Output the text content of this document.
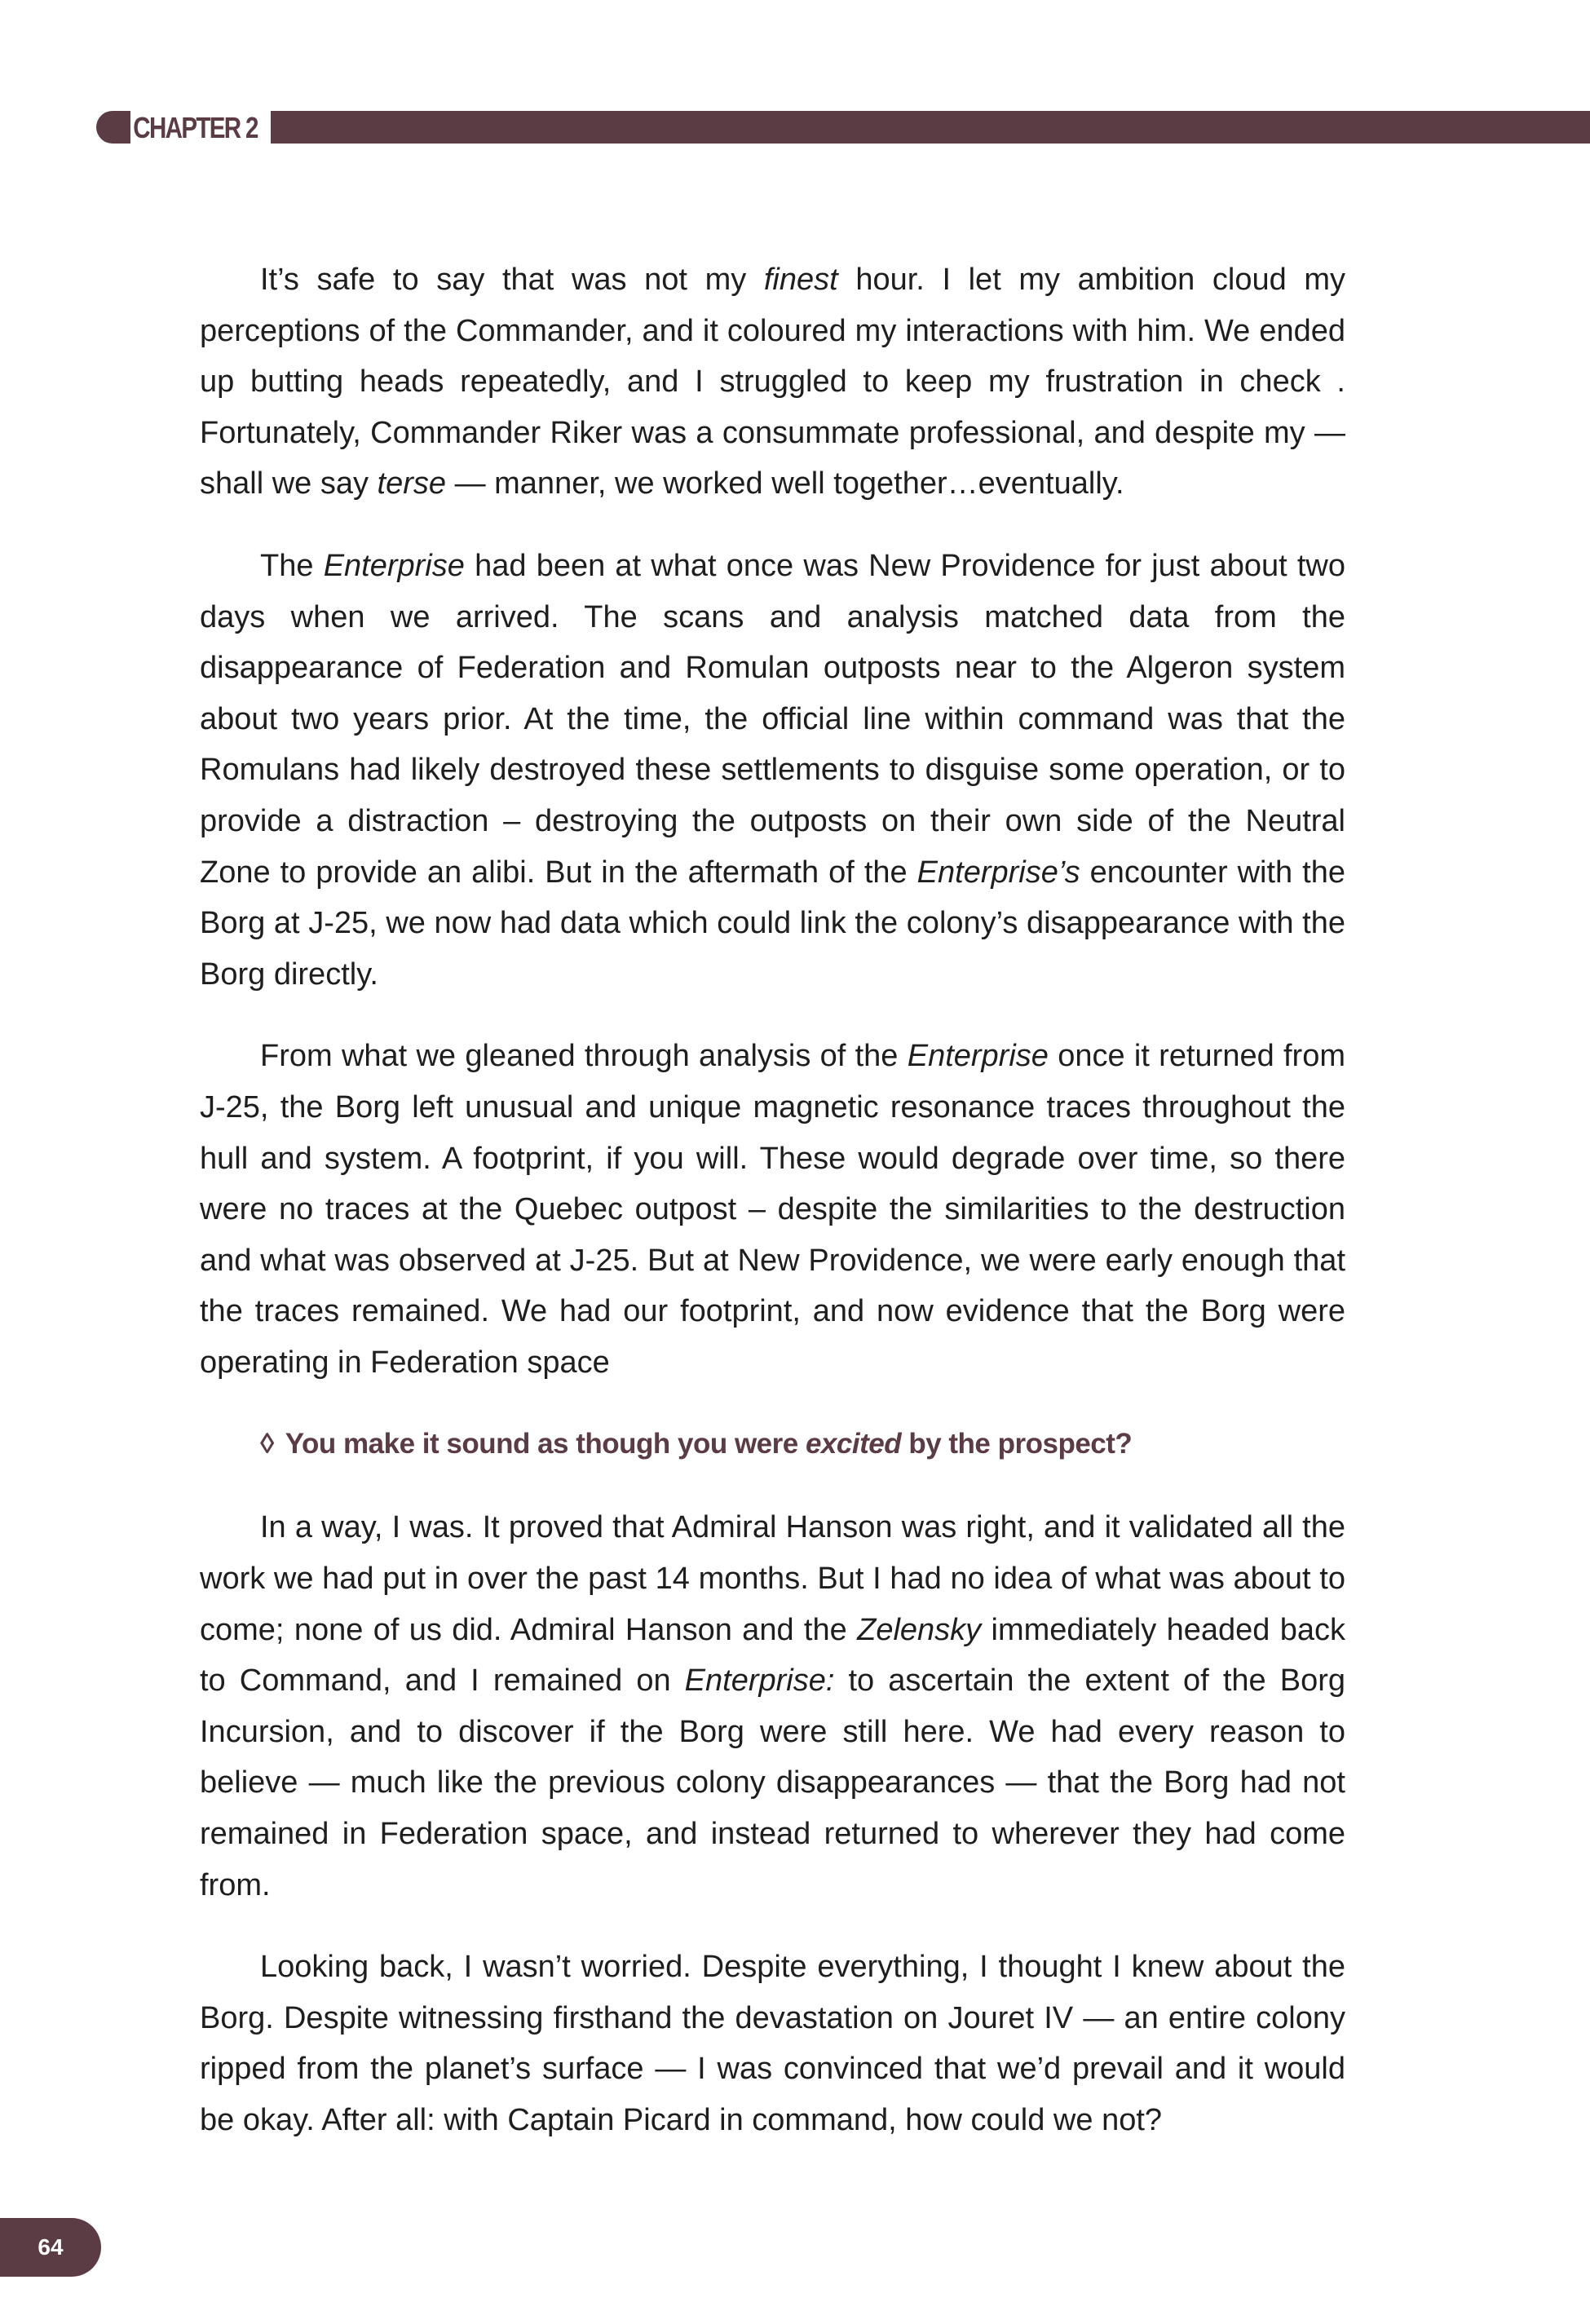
CHAPTER 2

It’s safe to say that was not my finest hour. I let my ambition cloud my perceptions of the Commander, and it coloured my interactions with him. We ended up butting heads repeatedly, and I struggled to keep my frustration in check . Fortunately, Commander Riker was a consummate professional, and despite my — shall we say terse — manner, we worked well together…eventually.

The Enterprise had been at what once was New Providence for just about two days when we arrived. The scans and analysis matched data from the disappearance of Federation and Romulan outposts near to the Algeron system about two years prior. At the time, the official line within command was that the Romulans had likely destroyed these settlements to disguise some operation, or to provide a distraction – destroying the outposts on their own side of the Neutral Zone to provide an alibi. But in the aftermath of the Enterprise’s encounter with the Borg at J-25, we now had data which could link the colony’s disappearance with the Borg directly.

From what we gleaned through analysis of the Enterprise once it returned from J-25, the Borg left unusual and unique magnetic resonance traces throughout the hull and system. A footprint, if you will. These would degrade over time, so there were no traces at the Quebec outpost – despite the similarities to the destruction and what was observed at J-25. But at New Providence, we were early enough that the traces remained. We had our footprint, and now evidence that the Borg were operating in Federation space

◊ You make it sound as though you were excited by the prospect?

In a way, I was. It proved that Admiral Hanson was right, and it validated all the work we had put in over the past 14 months. But I had no idea of what was about to come; none of us did. Admiral Hanson and the Zelensky immediately headed back to Command, and I remained on Enterprise: to ascertain the extent of the Borg Incursion, and to discover if the Borg were still here. We had every reason to believe — much like the previous colony disappearances — that the Borg had not remained in Federation space, and instead returned to wherever they had come from.

Looking back, I wasn’t worried. Despite everything, I thought I knew about the Borg. Despite witnessing firsthand the devastation on Jouret IV — an entire colony ripped from the planet’s surface — I was convinced that we’d prevail and it would be okay. After all: with Captain Picard in command, how could we not?

64
